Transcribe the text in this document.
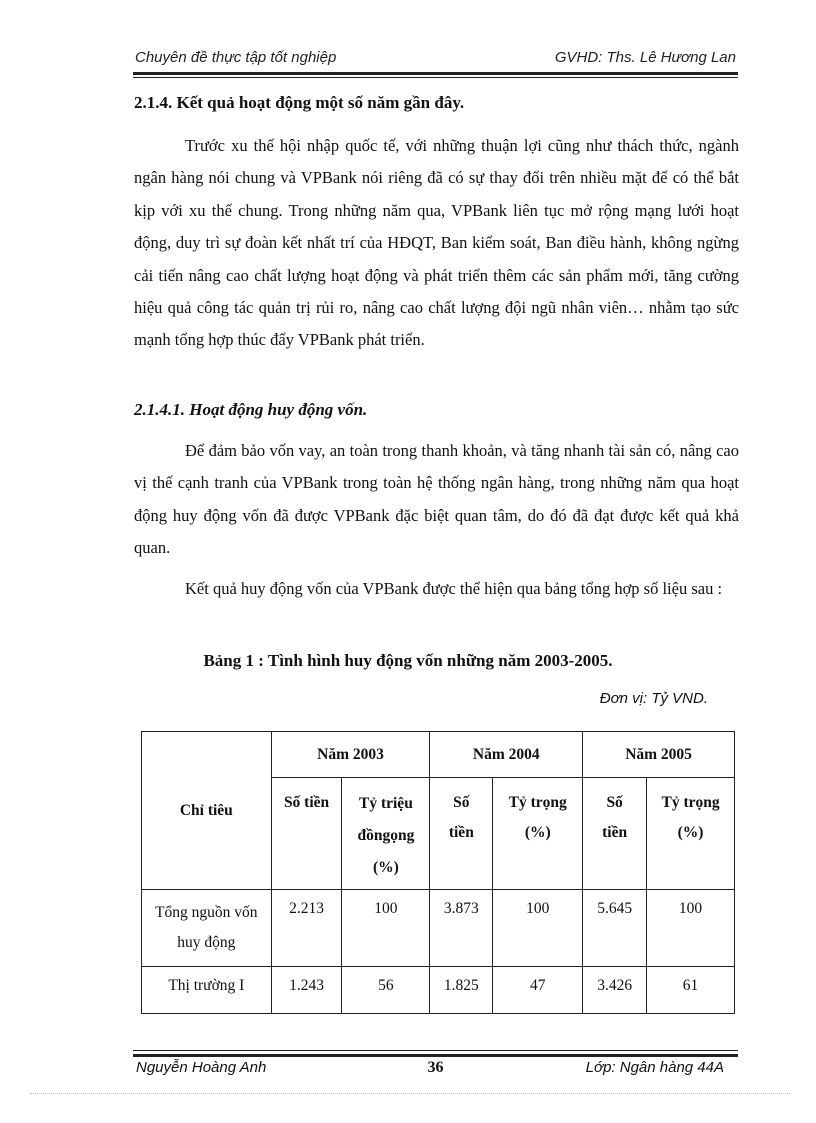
Chuyên đề thực tập tốt nghiệp	GVHD: Ths. Lê Hương Lan
2.1.4. Kết quả hoạt động một số năm gần đây.
Trước xu thế hội nhập quốc tế, với những thuận lợi cũng như thách thức, ngành ngân hàng nói chung và VPBank nói riêng đã có sự thay đổi trên nhiều mặt để có thể bắt kịp với xu thế chung. Trong những năm qua, VPBank liên tục mở rộng mạng lưới hoạt động, duy trì sự đoàn kết nhất trí của HĐQT, Ban kiểm soát, Ban điều hành, không ngừng cải tiến nâng cao chất lượng hoạt động và phát triển thêm các sản phẩm mới, tăng cường hiệu quả công tác quản trị rủi ro, nâng cao chất lượng đội ngũ nhân viên… nhằm tạo sức mạnh tổng hợp thúc đẩy VPBank phát triển.
2.1.4.1. Hoạt động huy động vốn.
Để đảm bảo vốn vay, an toàn trong thanh khoản, và tăng nhanh tài sản có, nâng cao vị thế cạnh tranh của VPBank trong toàn hệ thống ngân hàng, trong những năm qua hoạt động huy động vốn đã được VPBank đặc biệt quan tâm, do đó đã đạt được kết quả khả quan.
Kết quả huy động vốn của VPBank được thể hiện qua bảng tổng hợp số liệu sau :
Bảng 1 : Tình hình huy động vốn những năm 2003-2005.
Đơn vị: Tỷ VND.
Chỉ tiêu	Năm 2003		Năm 2004		Năm 2005	
	Số tiền	Tỷ triệu đồngọng (%)	Số tiền	Tỷ trọng (%)	Số tiền	Tỷ trọng (%)
Tổng nguồn vốn huy động	2.213	100	3.873	100	5.645	100
Thị trường I	1.243	56	1.825	47	3.426	61
Nguyễn Hoàng Anh	36	Lớp: Ngân hàng 44A
